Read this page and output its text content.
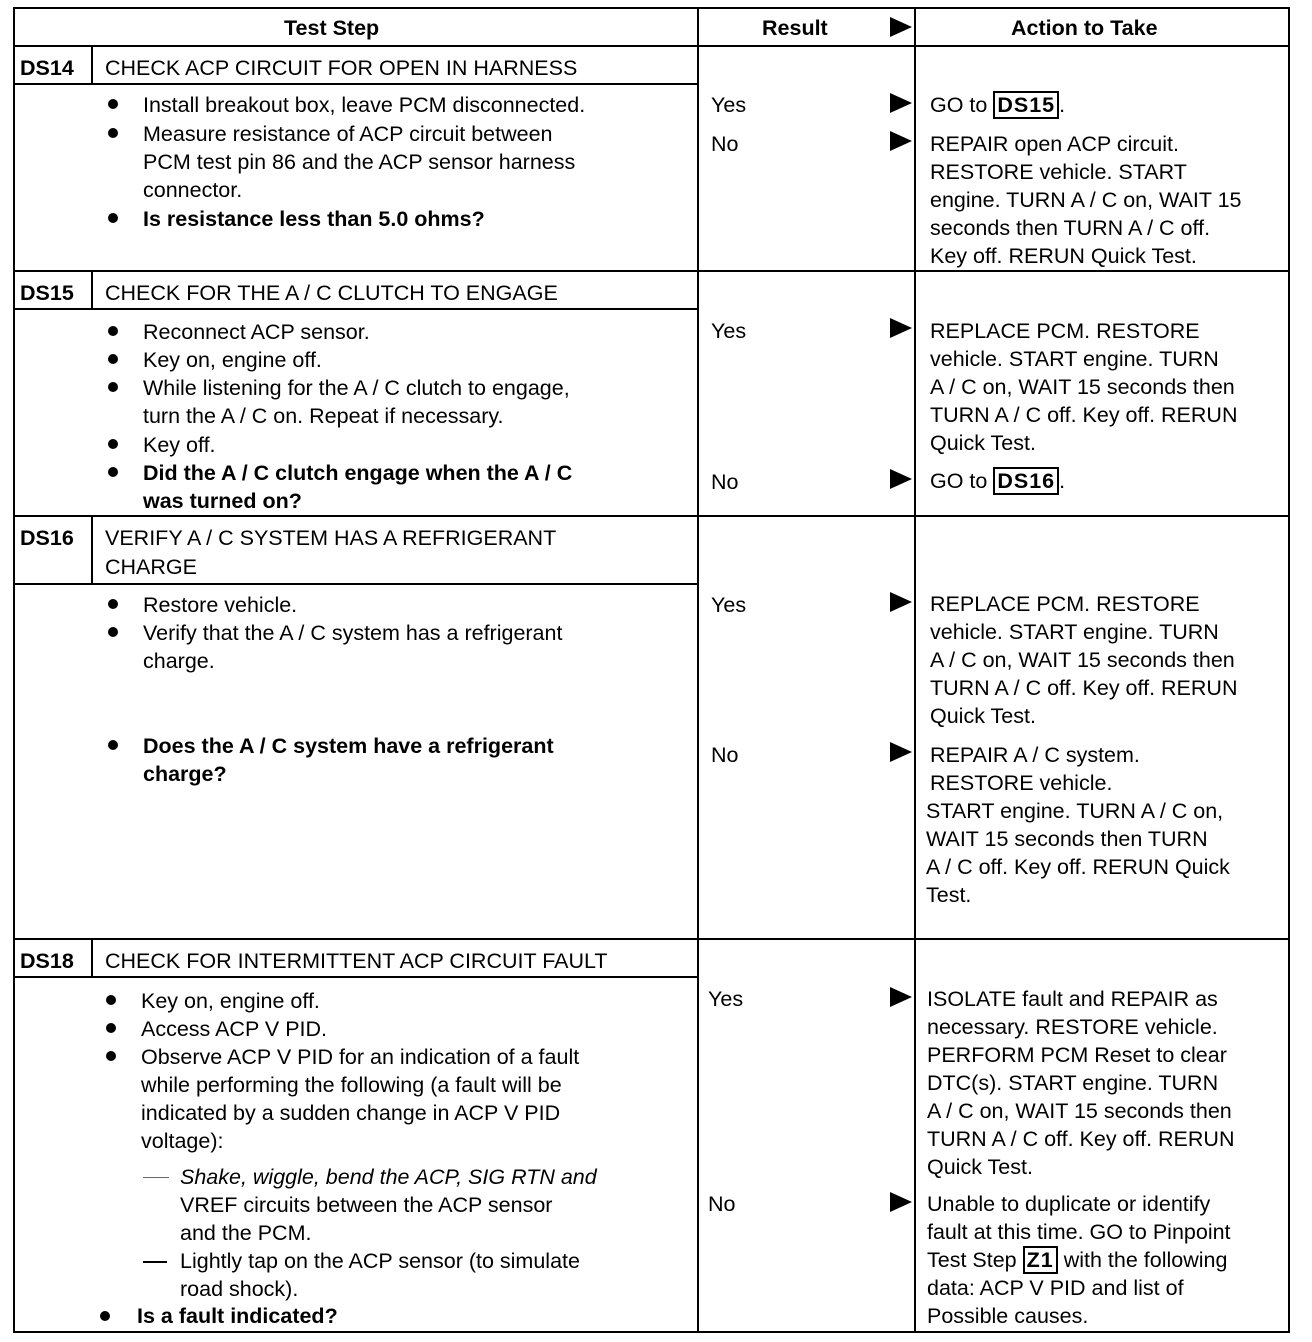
Test Step	Result	Action to Take
DS14 CHECK ACP CIRCUIT FOR OPEN IN HARNESS
Install breakout box, leave PCM disconnected.
Measure resistance of ACP circuit between
PCM test pin 86 and the ACP sensor harness
connector.
Is resistance less than 5.0 ohms?
Yes	GO to DS15 .
No	REPAIR open ACP circuit.
RESTORE vehicle. START
engine. TURN A / C on, WAIT 15
seconds then TURN A / C off.
Key off. RERUN Quick Test.
DS15 CHECK FOR THE A / C CLUTCH TO ENGAGE
Reconnect ACP sensor.
Key on, engine off.
While listening for the A / C clutch to engage,
turn the A / C on. Repeat if necessary.
Key off.
Did the A / C clutch engage when the A / C
was turned on?
Yes	REPLACE PCM. RESTORE
vehicle. START engine. TURN
A / C on, WAIT 15 seconds then
TURN A / C off. Key off. RERUN
Quick Test.
No	GO to DS16 .
DS16 VERIFY A / C SYSTEM HAS A REFRIGERANT
CHARGE
Restore vehicle.
Verify that the A / C system has a refrigerant
charge.
Does the A / C system have a refrigerant
charge?
Yes	REPLACE PCM. RESTORE
vehicle. START engine. TURN
A / C on, WAIT 15 seconds then
TURN A / C off. Key off. RERUN
Quick Test.
No	REPAIR A / C system.
RESTORE vehicle.
START engine. TURN A / C on,
WAIT 15 seconds then TURN
A / C off. Key off. RERUN Quick
Test.
DS18 CHECK FOR INTERMITTENT ACP CIRCUIT FAULT
Key on, engine off.
Access ACP V PID.
Observe ACP V PID for an indication of a fault
while performing the following (a fault will be
indicated by a sudden change in ACP V PID
voltage):
Shake, wiggle, bend the ACP, SIG RTN and
VREF circuits between the ACP sensor
and the PCM.
Lightly tap on the ACP sensor (to simulate
road shock).
Is a fault indicated?
Yes	ISOLATE fault and REPAIR as
necessary. RESTORE vehicle.
PERFORM PCM Reset to clear
DTC(s). START engine. TURN
A / C on, WAIT 15 seconds then
TURN A / C off. Key off. RERUN
Quick Test.
No	Unable to duplicate or identify
fault at this time. GO to Pinpoint
Test Step Z1 with the following
data: ACP V PID and list of
Possible causes.
